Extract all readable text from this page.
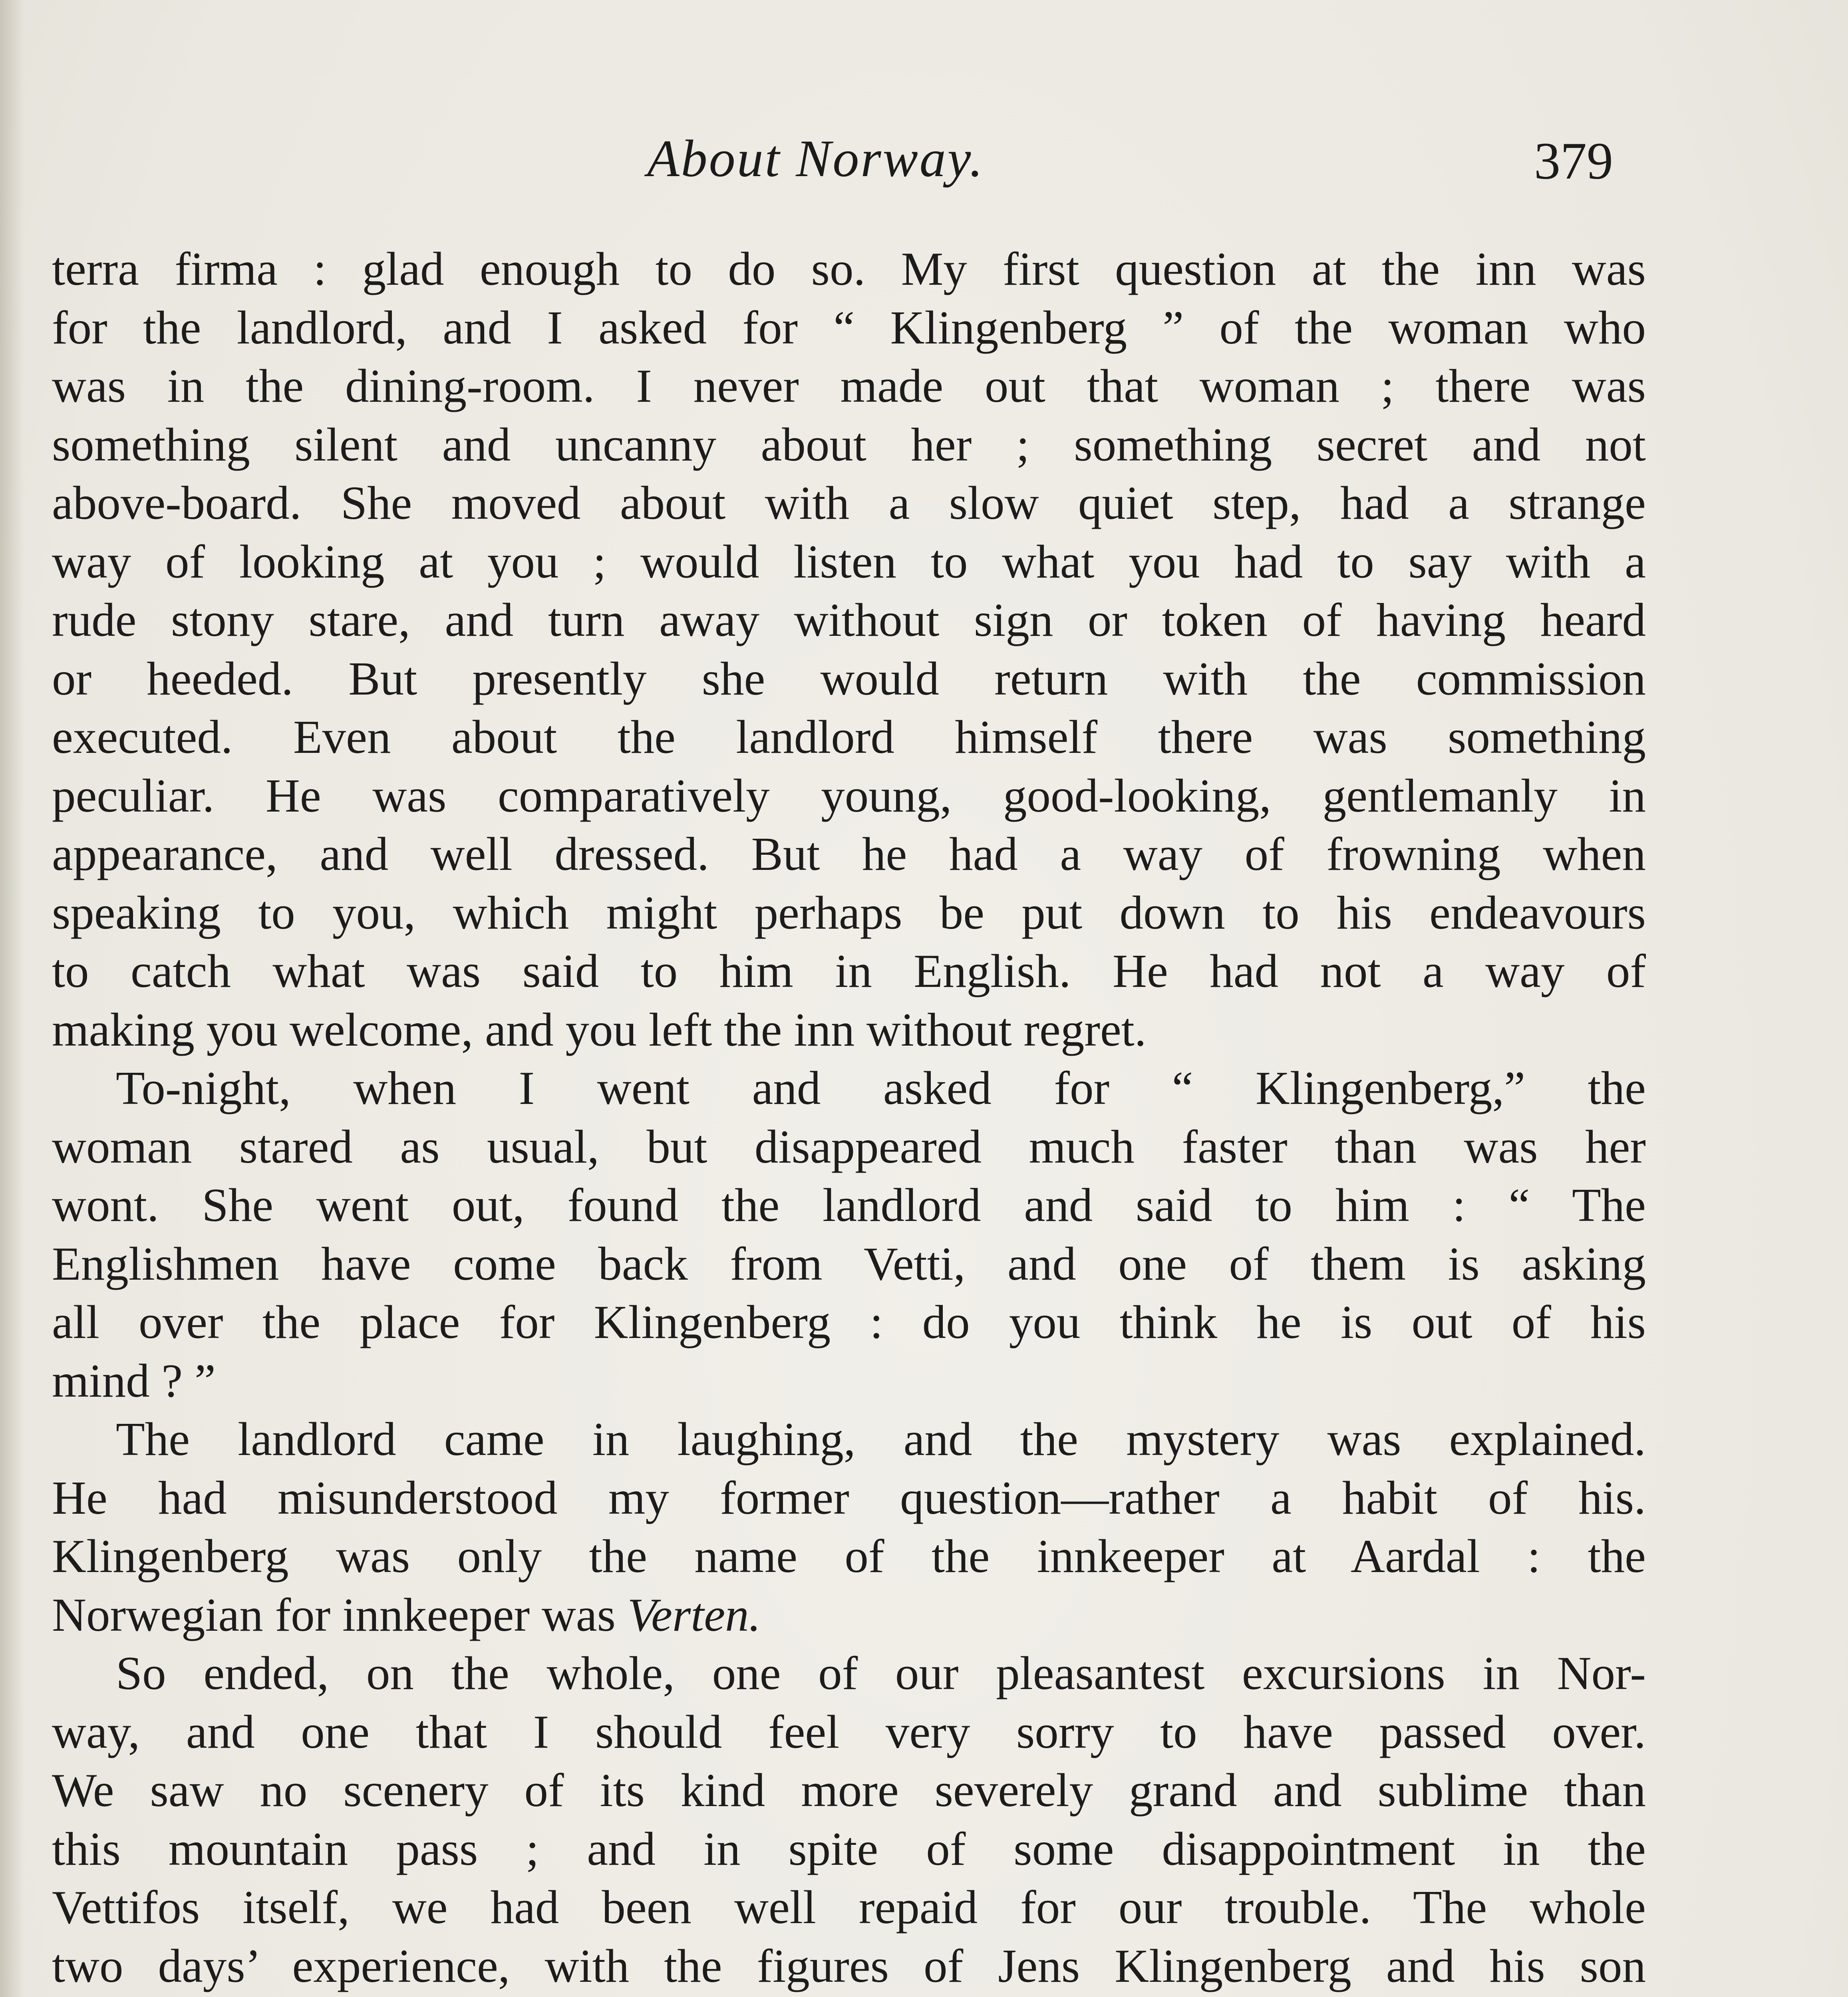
About Norway.	379
terra firma : glad enough to do so. My first question at the inn was
for the landlord, and I asked for “ Klingenberg ” of the woman who
was in the dining-room. I never made out that woman ; there was
something silent and uncanny about her ; something secret and not
above-board. She moved about with a slow quiet step, had a strange
way of looking at you ; would listen to what you had to say with a
rude stony stare, and turn away without sign or token of having heard
or heeded. But presently she would return with the commission
executed. Even about the landlord himself there was something
peculiar. He was comparatively young, good-looking, gentlemanly in
appearance, and well dressed. But he had a way of frowning when
speaking to you, which might perhaps be put down to his endeavours
to catch what was said to him in English. He had not a way of
making you welcome, and you left the inn without regret.
To-night, when I went and asked for “ Klingenberg,” the
woman stared as usual, but disappeared much faster than was her
wont. She went out, found the landlord and said to him : “ The
Englishmen have come back from Vetti, and one of them is asking
all over the place for Klingenberg : do you think he is out of his
mind ? ”
The landlord came in laughing, and the mystery was explained.
He had misunderstood my former question—rather a habit of his.
Klingenberg was only the name of the innkeeper at Aardal : the
Norwegian for innkeeper was Verten.
So ended, on the whole, one of our pleasantest excursions in Nor-
way, and one that I should feel very sorry to have passed over.
We saw no scenery of its kind more severely grand and sublime than
this mountain pass ; and in spite of some disappointment in the
Vettifos itself, we had been well repaid for our trouble. The whole
two days’ experience, with the figures of Jens Klingenberg and his son
